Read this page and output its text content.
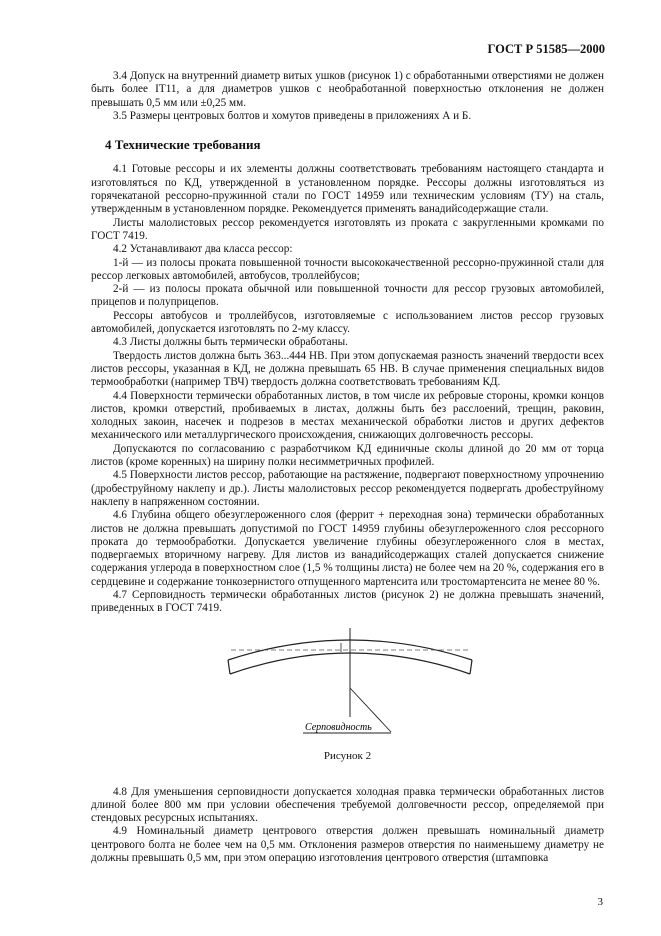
ГОСТ Р 51585—2000

3.4 Допуск на внутренний диаметр витых ушков (рисунок 1) с обработанными отверстиями не должен быть более IT11, а для диаметров ушков с необработанной поверхностью отклонения не должен превышать 0,5 мм или ±0,25 мм.

3.5 Размеры центровых болтов и хомутов приведены в приложениях А и Б.

4 Технические требования

4.1 Готовые рессоры и их элементы должны соответствовать требованиям настоящего стандарта и изготовляться по КД, утвержденной в установленном порядке. Рессоры должны изготовляться из горячекатаной рессорно-пружинной стали по ГОСТ 14959 или техническим условиям (ТУ) на сталь, утвержденным в установленном порядке. Рекомендуется применять ванадийсодержащие стали.

Листы малолистовых рессор рекомендуется изготовлять из проката с закругленными кромками по ГОСТ 7419.

4.2 Устанавливают два класса рессор:

1-й — из полосы проката повышенной точности высококачественной рессорно-пружинной стали для рессор легковых автомобилей, автобусов, троллейбусов;

2-й — из полосы проката обычной или повышенной точности для рессор грузовых автомобилей, прицепов и полуприцепов.

Рессоры автобусов и троллейбусов, изготовляемые с использованием листов рессор грузовых автомобилей, допускается изготовлять по 2-му классу.

4.3 Листы должны быть термически обработаны.

Твердость листов должна быть 363...444 НВ. При этом допускаемая разность значений твердости всех листов рессоры, указанная в КД, не должна превышать 65 НВ. В случае применения специальных видов термообработки (например ТВЧ) твердость должна соответствовать требованиям КД.

4.4 Поверхности термически обработанных листов, в том числе их ребровые стороны, кромки концов листов, кромки отверстий, пробиваемых в листах, должны быть без расслоений, трещин, раковин, холодных закоин, насечек и подрезов в местах механической обработки листов и других дефектов механического или металлургического происхождения, снижающих долговечность рессоры.

Допускаются по согласованию с разработчиком КД единичные сколы длиной до 20 мм от торца листов (кроме коренных) на ширину полки несимметричных профилей.

4.5 Поверхности листов рессор, работающие на растяжение, подвергают поверхностному упрочнению (дробеструйному наклепу и др.). Листы малолистовых рессор рекомендуется подвергать дробеструйному наклепу в напряженном состоянии.

4.6 Глубина общего обезуглероженного слоя (феррит + переходная зона) термически обработанных листов не должна превышать допустимой по ГОСТ 14959 глубины обезуглероженного слоя рессорного проката до термообработки. Допускается увеличение глубины обезуглероженного слоя в местах, подвергаемых вторичному нагреву. Для листов из ванадийсодержащих сталей допускается снижение содержания углерода в поверхностном слое (1,5 % толщины листа) не более чем на 20 %, содержания его в сердцевине и содержание тонкозернистого отпущенного мартенсита или тростомартенсита не менее 80 %.

4.7 Серповидность термически обработанных листов (рисунок 2) не должна превышать значений, приведенных в ГОСТ 7419.

Серповидность
Рисунок 2

4.8 Для уменьшения серповидности допускается холодная правка термически обработанных листов длиной более 800 мм при условии обеспечения требуемой долговечности рессор, определяемой при стендовых ресурсных испытаниях.

4.9 Номинальный диаметр центрового отверстия должен превышать номинальный диаметр центрового болта не более чем на 0,5 мм. Отклонения размеров отверстия по наименьшему диаметру не должны превышать 0,5 мм, при этом операцию изготовления центрового отверстия (штамповка

3
